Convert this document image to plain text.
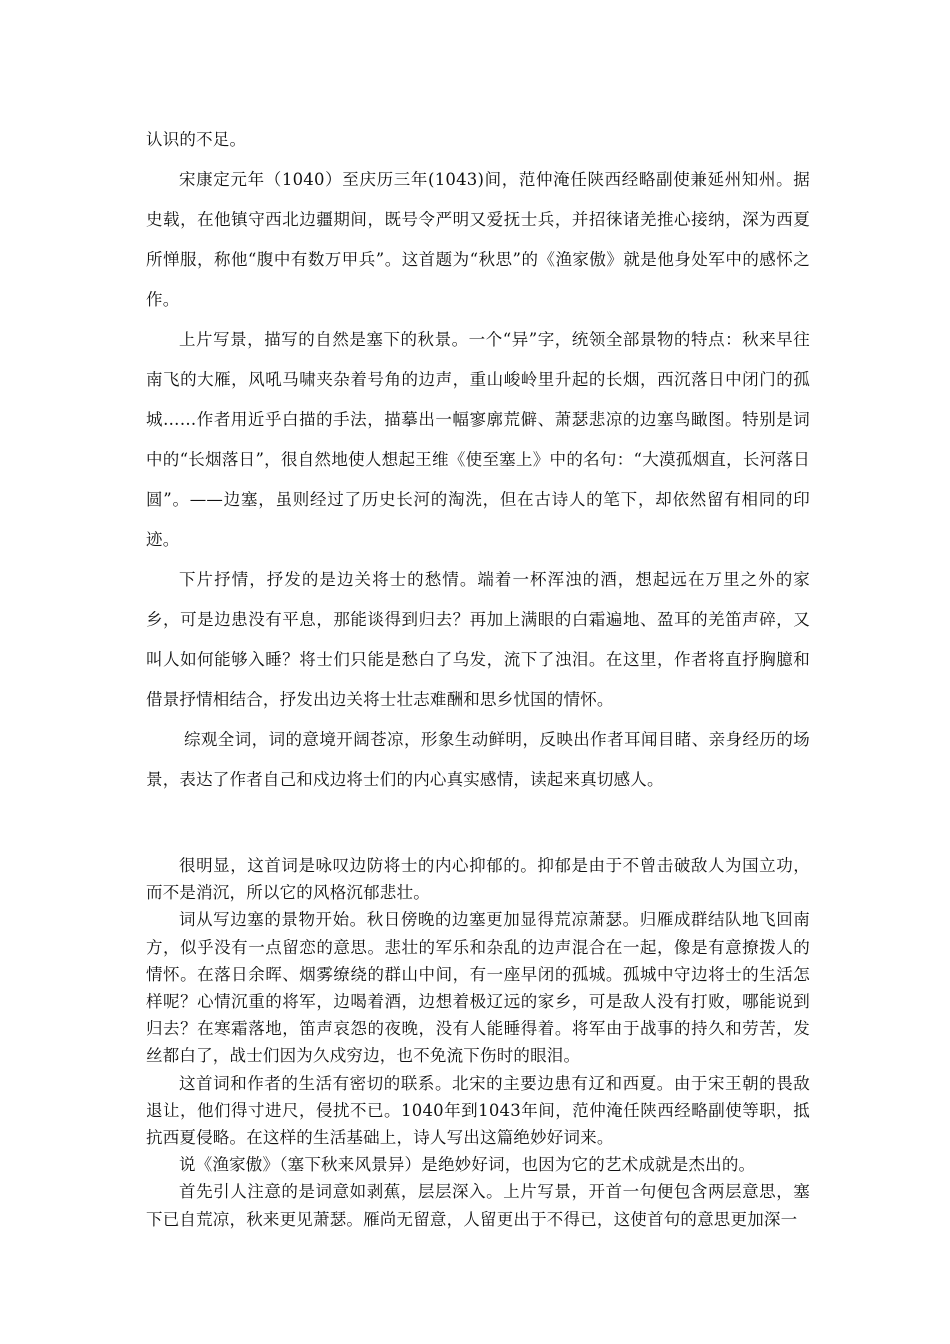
认识的不足。

宋康定元年（1040）至庆历三年(1043)间，范仲淹任陕西经略副使兼延州知州。据史载，在他镇守西北边疆期间，既号令严明又爱抚士兵，并招徕诸羌推心接纳，深为西夏所惮服，称他“腹中有数万甲兵”。这首题为“秋思”的《渔家傲》就是他身处军中的感怀之作。

上片写景，描写的自然是塞下的秋景。一个“异”字，统领全部景物的特点：秋来早往南飞的大雁，风吼马啸夹杂着号角的边声，重山峻岭里升起的长烟，西沉落日中闭门的孤城……作者用近乎白描的手法，描摹出一幅寥廓荒僻、萧瑟悲凉的边塞鸟瞰图。特别是词中的“长烟落日”，很自然地使人想起王维《使至塞上》中的名句：“大漠孤烟直，长河落日圆”。——边塞，虽则经过了历史长河的淘洗，但在古诗人的笔下，却依然留有相同的印迹。

下片抒情，抒发的是边关将士的愁情。端着一杯浑浊的酒，想起远在万里之外的家乡，可是边患没有平息，那能谈得到归去？再加上满眼的白霜遍地、盈耳的羌笛声碎，又叫人如何能够入睡？将士们只能是愁白了乌发，流下了浊泪。在这里，作者将直抒胸臆和借景抒情相结合，抒发出边关将士壮志难酬和思乡忧国的情怀。

综观全词，词的意境开阔苍凉，形象生动鲜明，反映出作者耳闻目睹、亲身经历的场景，表达了作者自己和戍边将士们的内心真实感情，读起来真切感人。

很明显，这首词是咏叹边防将士的内心抑郁的。抑郁是由于不曾击破敌人为国立功，而不是消沉，所以它的风格沉郁悲壮。

词从写边塞的景物开始。秋日傍晚的边塞更加显得荒凉萧瑟。归雁成群结队地飞回南方，似乎没有一点留恋的意思。悲壮的军乐和杂乱的边声混合在一起，像是有意撩拨人的情怀。在落日余晖、烟雾缭绕的群山中间，有一座早闭的孤城。孤城中守边将士的生活怎样呢？心情沉重的将军，边喝着酒，边想着极辽远的家乡，可是敌人没有打败，哪能说到归去？在寒霜落地，笛声哀怨的夜晚，没有人能睡得着。将军由于战事的持久和劳苦，发丝都白了，战士们因为久戍穷边，也不免流下伤时的眼泪。

这首词和作者的生活有密切的联系。北宋的主要边患有辽和西夏。由于宋王朝的畏敌退让，他们得寸进尺，侵扰不已。1040年到1043年间，范仲淹任陕西经略副使等职，抵抗西夏侵略。在这样的生活基础上，诗人写出这篇绝妙好词来。

说《渔家傲》（塞下秋来风景异）是绝妙好词，也因为它的艺术成就是杰出的。

首先引人注意的是词意如剥蕉，层层深入。上片写景，开首一句便包含两层意思，塞下已自荒凉，秋来更见萧瑟。雁尚无留意，人留更出于不得已，这使首句的意思更加深一
